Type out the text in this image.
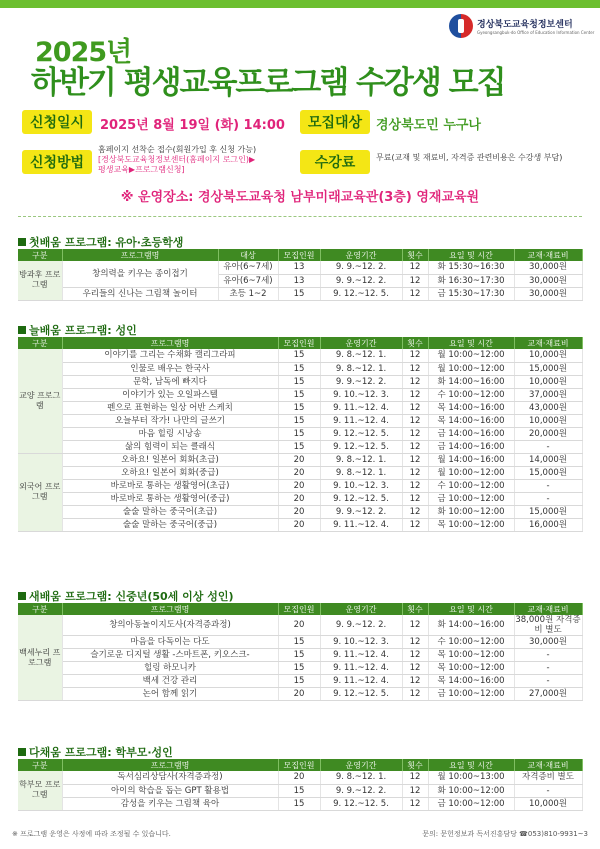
경상북도교육청정보센터
Gyeongsangbuk-do Office of Education Information Center
2025년
하반기 평생교육프로그램 수강생 모집
신청일시	2025년 8월 19일 (화) 14:00	모집대상	경상북도민 누구나
신청방법
홈페이지 선착순 접수(회원가입 후 신청 가능)
[경상북도교육청정보센터(홈페이지 로그인)▶
평생교육▶프로그램신청]	수강료	무료(교재 및 재료비, 자격증 관련비용은 수강생 부담)
※ 운영장소: 경상북도교육청 남부미래교육관(3층) 영재교육원
첫배움 프로그램: 유아·초등학생
구분	프로그램명	대상	모집인원	운영기간	횟수	요일 및 시간	교재·재료비
방과후 프로그램	창의력을 키우는 종이접기	유아(6~7세)	13	9. 9.~12. 2.	12	화 15:30~16:30	30,000원
		유아(6~7세)	13	9. 9.~12. 2.	12	화 16:30~17:30	30,000원
	우리들의 신나는 그림책 놀이터	초등 1~2	15	9. 12.~12. 5.	12	금 15:30~17:30	30,000원
늘배움 프로그램: 성인
구분	프로그램명	모집인원	운영기간	횟수	요일 및 시간	교재·재료비
교양 프로그램	이야기를 그리는 수채화 캘리그라피	15	9. 8.~12. 1.	12	월 10:00~12:00	10,000원
	인물로 배우는 한국사	15	9. 8.~12. 1.	12	월 10:00~12:00	15,000원
	문학, 남독에 빠지다	15	9. 9.~12. 2.	12	화 14:00~16:00	10,000원
	이야기가 있는 오일파스텔	15	9. 10.~12. 3.	12	수 10:00~12:00	37,000원
	펜으로 표현하는 일상 어반 스케치	15	9. 11.~12. 4.	12	목 14:00~16:00	43,000원
	오늘부터 작가! 나만의 글쓰기	15	9. 11.~12. 4.	12	목 14:00~16:00	10,000원
	마음 힐링 시낭송	15	9. 12.~12. 5.	12	금 14:00~16:00	20,000원
	삶의 힘력이 되는 클래식	15	9. 12.~12. 5.	12	금 14:00~16:00	-
외국어 프로그램	오하요! 일본어 회화(초급)	20	9. 8.~12. 1.	12	월 14:00~16:00	14,000원
	오하요! 일본어 회화(중급)	20	9. 8.~12. 1.	12	월 10:00~12:00	15,000원
	바로바로 통하는 생활영어(초급)	20	9. 10.~12. 3.	12	수 10:00~12:00	-
	바로바로 통하는 생활영어(중급)	20	9. 12.~12. 5.	12	금 10:00~12:00	-
	술술 말하는 중국어(초급)	20	9. 9.~12. 2.	12	화 10:00~12:00	15,000원
	술술 말하는 중국어(중급)	20	9. 11.~12. 4.	12	목 10:00~12:00	16,000원
새배움 프로그램: 신중년(50세 이상 성인)
구분	프로그램명	모집인원	운영기간	횟수	요일 및 시간	교재·재료비
백세누리 프로그램	창의아동놀이지도사(자격증과정)	20	9. 9.~12. 2.	12	화 14:00~16:00	38,000원 자격증비 별도
	마음을 다독이는 다도	15	9. 10.~12. 3.	12	수 10:00~12:00	30,000원
	슬기로운 디지털 생활 -스마트폰, 키오스크-	15	9. 11.~12. 4.	12	목 10:00~12:00	-
	힐링 하모니카	15	9. 11.~12. 4.	12	목 10:00~12:00	-
	백세 건강 관리	15	9. 11.~12. 4.	12	목 14:00~16:00	-
	논어 함께 읽기	20	9. 12.~12. 5.	12	금 10:00~12:00	27,000원
다채움 프로그램: 학부모·성인
구분	프로그램명	모집인원	운영기간	횟수	요일 및 시간	교재·재료비
학부모 프로그램	독서심리상담사(자격증과정)	20	9. 8.~12. 1.	12	월 10:00~13:00	자격증비 별도
	아이의 학습을 돕는 GPT 활용법	15	9. 9.~12. 2.	12	화 10:00~12:00	-
	감성을 키우는 그림책 육아	15	9. 12.~12. 5.	12	금 10:00~12:00	10,000원
※ 프로그램 운영은 사정에 따라 조정될 수 있습니다.	문의: 문헌정보과 독서진흥담당 ☎053)810-9931~3
